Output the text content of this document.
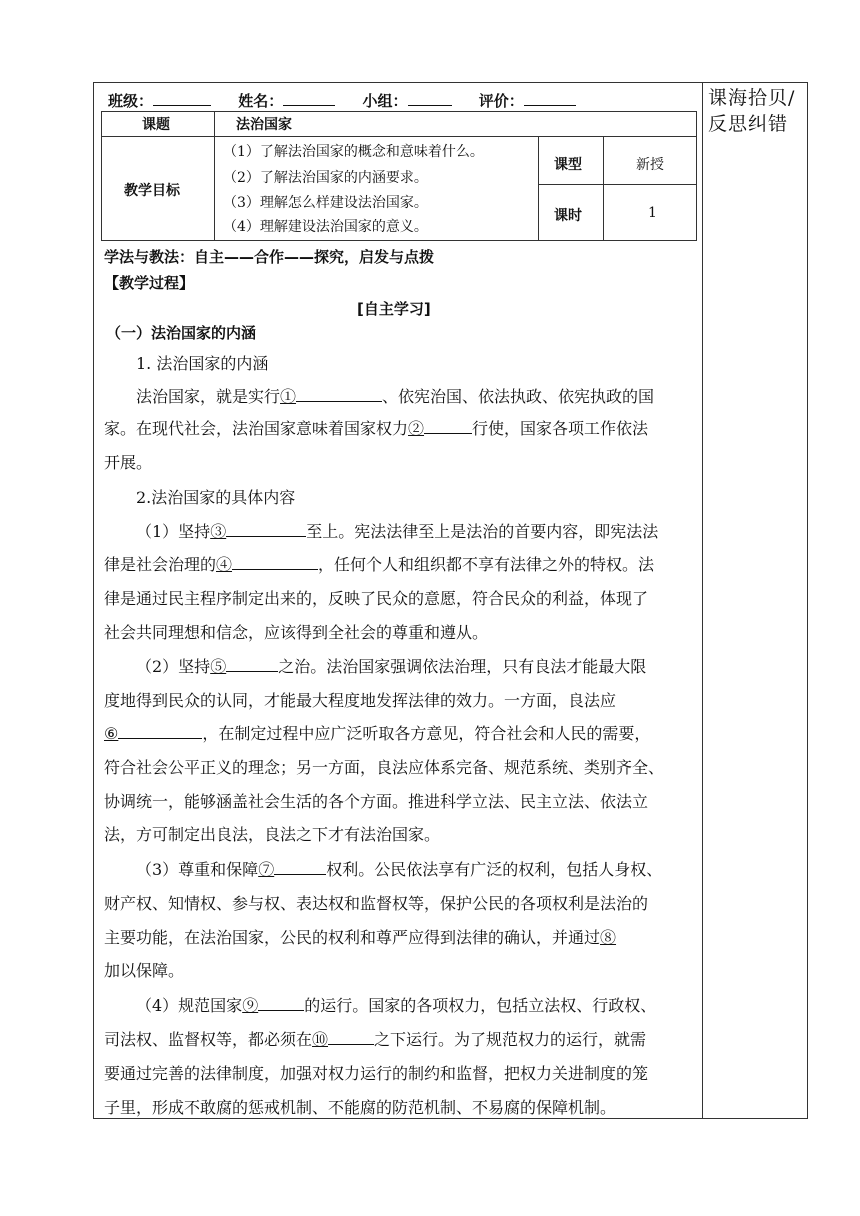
课海拾贝/反思纠错
班级：	姓名：	小组：	评价：
课题	法治国家
教学目标
（1）了解法治国家的概念和意味着什么。
（2）了解法治国家的内涵要求。
（3）理解怎么样建设法治国家。
（4）理解建设法治国家的意义。
课型	新授
课时	1
学法与教法：自主——合作——探究，启发与点拨
【教学过程】
[自主学习]
（一）法治国家的内涵
1. 法治国家的内涵
法治国家，就是实行①	、依宪治国、依法执政、依宪执政的国
家。在现代社会，法治国家意味着国家权力②	行使，国家各项工作依法
开展。
2.法治国家的具体内容
（1）坚持③	至上。宪法法律至上是法治的首要内容，即宪法法
律是社会治理的④	，任何个人和组织都不享有法律之外的特权。法
律是通过民主程序制定出来的，反映了民众的意愿，符合民众的利益，体现了
社会共同理想和信念，应该得到全社会的尊重和遵从。
（2）坚持⑤	之治。法治国家强调依法治理，只有良法才能最大限
度地得到民众的认同，才能最大程度地发挥法律的效力。一方面，良法应
⑥	，在制定过程中应广泛听取各方意见，符合社会和人民的需要，
符合社会公平正义的理念；另一方面，良法应体系完备、规范系统、类别齐全、
协调统一，能够涵盖社会生活的各个方面。推进科学立法、民主立法、依法立
法，方可制定出良法，良法之下才有法治国家。
（3）尊重和保障⑦	权利。公民依法享有广泛的权利，包括人身权、
财产权、知情权、参与权、表达权和监督权等，保护公民的各项权利是法治的
主要功能，在法治国家，公民的权利和尊严应得到法律的确认，并通过⑧
加以保障。
（4）规范国家⑨	的运行。国家的各项权力，包括立法权、行政权、
司法权、监督权等，都必须在⑩	之下运行。为了规范权力的运行，就需
要通过完善的法律制度，加强对权力运行的制约和监督，把权力关进制度的笼
子里，形成不敢腐的惩戒机制、不能腐的防范机制、不易腐的保障机制。
